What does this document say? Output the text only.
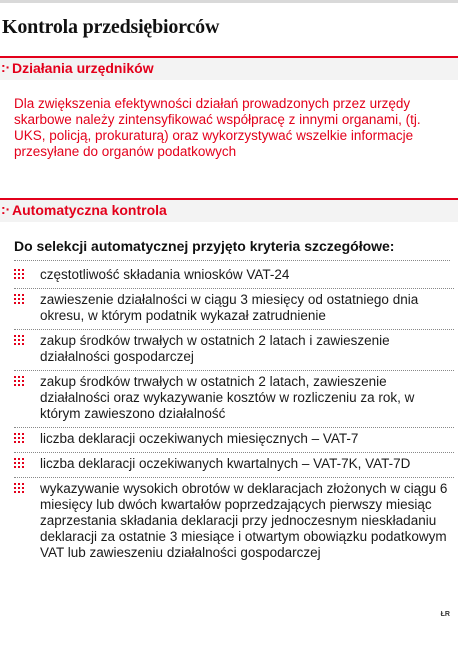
Kontrola przedsiębiorców
:· Działania urzędników
Dla zwiększenia efektywności działań prowadzonych przez urzędy skarbowe należy zintensyfikować współpracę z innymi organami, (tj. UKS, policją, prokuraturą) oraz wykorzystywać wszelkie informacje przesyłane do organów podatkowych
:· Automatyczna kontrola
Do selekcji automatycznej przyjęto kryteria szczegółowe:
częstotliwość składania wniosków VAT-24
zawieszenie działalności w ciągu 3 miesięcy od ostatniego dnia okresu, w którym podatnik wykazał zatrudnienie
zakup środków trwałych w ostatnich 2 latach i zawieszenie działalności gospodarczej
zakup środków trwałych w ostatnich 2 latach, zawieszenie działalności oraz wykazywanie kosztów w rozliczeniu za rok, w którym zawieszono działalność
liczba deklaracji oczekiwanych miesięcznych – VAT-7
liczba deklaracji oczekiwanych kwartalnych – VAT-7K, VAT-7D
wykazywanie wysokich obrotów w deklaracjach złożonych w ciągu 6 miesięcy lub dwóch kwartałów poprzedzających pierwszy miesiąc zaprzestania składania deklaracji przy jednoczesnym nieskładaniu deklaracji za ostatnie 3 miesiące i otwartym obowiązku podatkowym VAT lub zawieszeniu działalności gospodarczej
ŁR
